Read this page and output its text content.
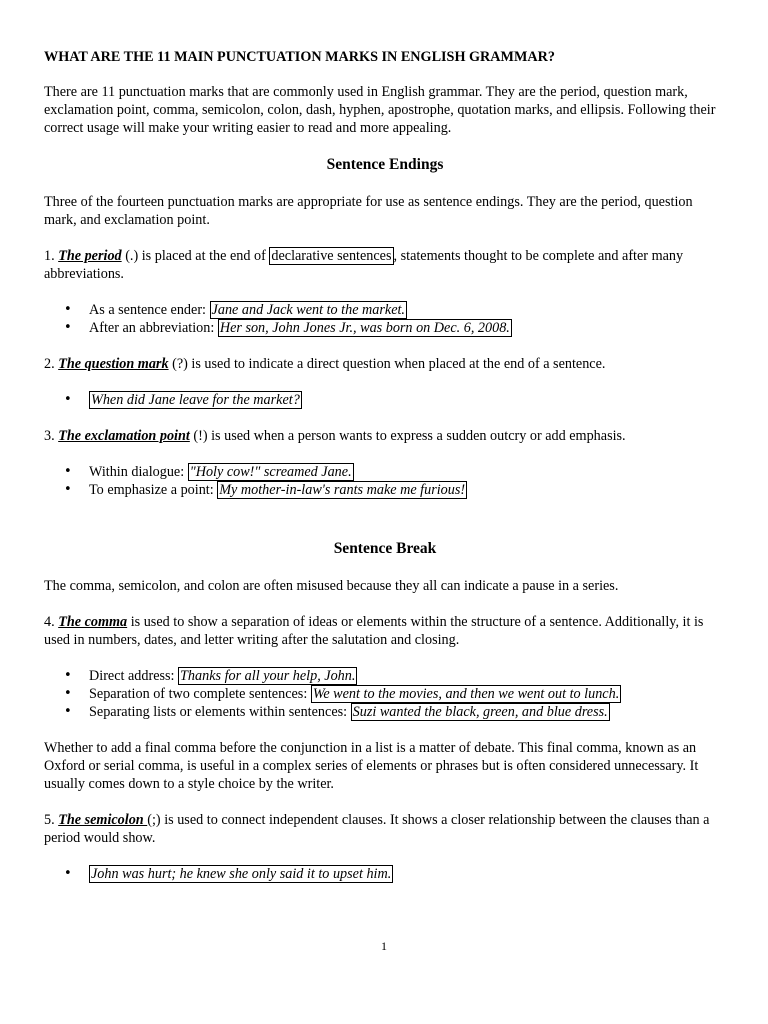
WHAT ARE THE 11 MAIN PUNCTUATION MARKS IN ENGLISH GRAMMAR?

There are 11 punctuation marks that are commonly used in English grammar. They are the period, question mark, exclamation point, comma, semicolon, colon, dash, hyphen, apostrophe, quotation marks, and ellipsis. Following their correct usage will make your writing easier to read and more appealing.

Sentence Endings

Three of the fourteen punctuation marks are appropriate for use as sentence endings. They are the period, question mark, and exclamation point.

1. The period (.) is placed at the end of declarative sentences , statements thought to be complete and after many abbreviations.

• As a sentence ender: Jane and Jack went to the market.
• After an abbreviation: Her son, John Jones Jr., was born on Dec. 6, 2008.

2. The question mark (?) is used to indicate a direct question when placed at the end of a sentence.

• When did Jane leave for the market?

3. The exclamation point (!) is used when a person wants to express a sudden outcry or add emphasis.

• Within dialogue: "Holy cow!" screamed Jane.
• To emphasize a point: My mother-in-law's rants make me furious!

Sentence Break

The comma, semicolon, and colon are often misused because they all can indicate a pause in a series.

4. The comma is used to show a separation of ideas or elements within the structure of a sentence. Additionally, it is used in numbers, dates, and letter writing after the salutation and closing.

• Direct address: Thanks for all your help, John.
• Separation of two complete sentences: We went to the movies, and then we went out to lunch.
• Separating lists or elements within sentences: Suzi wanted the black, green, and blue dress.

Whether to add a final comma before the conjunction in a list is a matter of debate. This final comma, known as an Oxford or serial comma, is useful in a complex series of elements or phrases but is often considered unnecessary. It usually comes down to a style choice by the writer.

5. The semicolon (;) is used to connect independent clauses. It shows a closer relationship between the clauses than a period would show.

• John was hurt; he knew she only said it to upset him.
1
